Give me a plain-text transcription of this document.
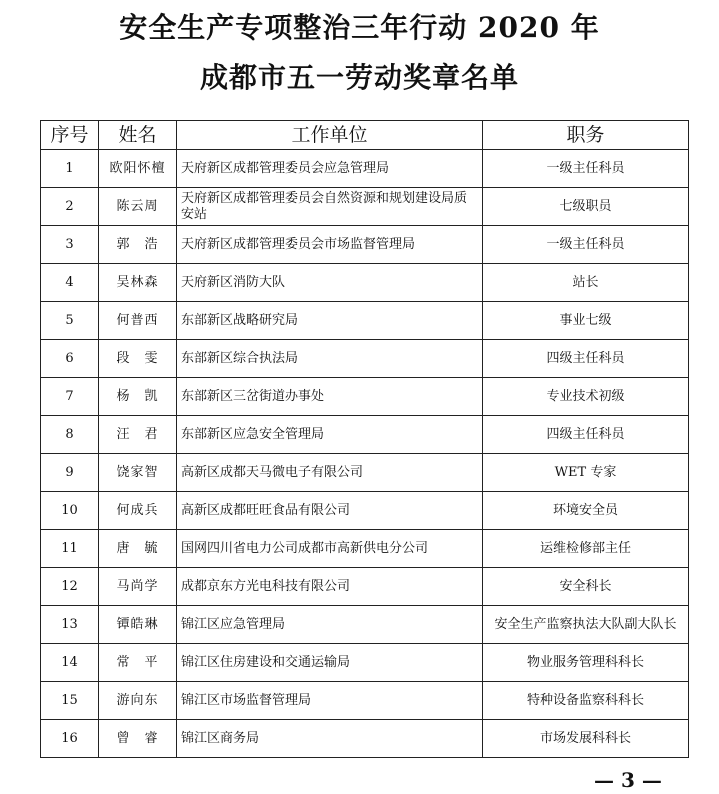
安全生产专项整治三年行动 2020 年
成都市五一劳动奖章名单
序号	姓名	工作单位	职务
1	欧阳怀檀	天府新区成都管理委员会应急管理局	一级主任科员
2	陈云周	天府新区成都管理委员会自然资源和规划建设局质安站	七级职员
3	郭　浩	天府新区成都管理委员会市场监督管理局	一级主任科员
4	吴林森	天府新区消防大队	站长
5	何普西	东部新区战略研究局	事业七级
6	段　雯	东部新区综合执法局	四级主任科员
7	杨　凯	东部新区三岔街道办事处	专业技术初级
8	汪　君	东部新区应急安全管理局	四级主任科员
9	饶家智	高新区成都天马微电子有限公司	WET 专家
10	何成兵	高新区成都旺旺食品有限公司	环境安全员
11	唐　毓	国网四川省电力公司成都市高新供电分公司	运维检修部主任
12	马尚学	成都京东方光电科技有限公司	安全科长
13	镡皓琳	锦江区应急管理局	安全生产监察执法大队副大队长
14	常　平	锦江区住房建设和交通运输局	物业服务管理科科长
15	游向东	锦江区市场监督管理局	特种设备监察科科长
16	曾　睿	锦江区商务局	市场发展科科长
— 3 —
